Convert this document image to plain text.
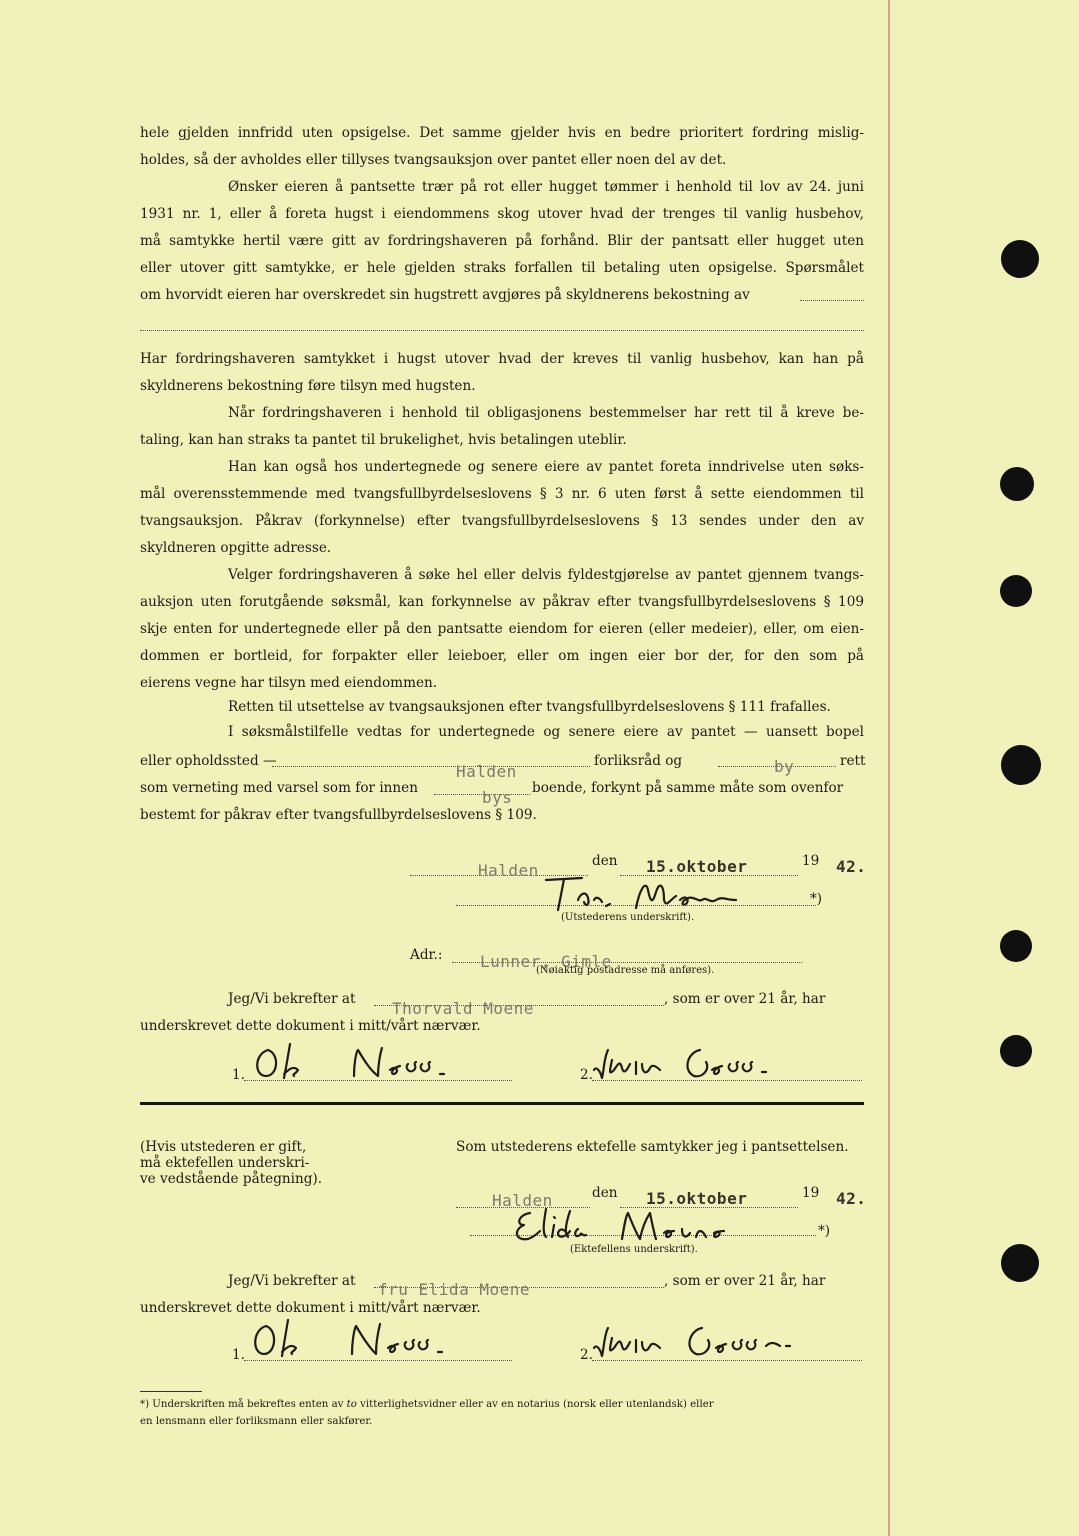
hele gjelden innfridd uten opsigelse. Det samme gjelder hvis en bedre prioritert fordring mislig-

holdes, så der avholdes eller tillyses tvangsauksjon over pantet eller noen del av det.

Ønsker eieren å pantsette trær på rot eller hugget tømmer i henhold til lov av 24. juni

1931 nr. 1, eller å foreta hugst i eiendommens skog utover hvad der trenges til vanlig husbehov,

må samtykke hertil være gitt av fordringshaveren på forhånd. Blir der pantsatt eller hugget uten

eller utover gitt samtykke, er hele gjelden straks forfallen til betaling uten opsigelse. Spørsmålet

om hvorvidt eieren har overskredet sin hugstrett avgjøres på skyldnerens bekostning av

Har fordringshaveren samtykket i hugst utover hvad der kreves til vanlig husbehov, kan han på

skyldnerens bekostning føre tilsyn med hugsten.

Når fordringshaveren i henhold til obligasjonens bestemmelser har rett til å kreve be-

taling, kan han straks ta pantet til brukelighet, hvis betalingen uteblir.

Han kan også hos undertegnede og senere eiere av pantet foreta inndrivelse uten søks-

mål overensstemmende med tvangsfullbyrdelseslovens § 3 nr. 6 uten først å sette eiendommen til

tvangsauksjon. Påkrav (forkynnelse) efter tvangsfullbyrdelseslovens § 13 sendes under den av

skyldneren opgitte adresse.

Velger fordringshaveren å søke hel eller delvis fyldestgjørelse av pantet gjennem tvangs-

auksjon uten forutgående søksmål, kan forkynnelse av påkrav efter tvangsfullbyrdelseslovens § 109

skje enten for undertegnede eller på den pantsatte eiendom for eieren (eller medeier), eller, om eien-

dommen er bortleid, for forpakter eller leieboer, eller om ingen eier bor der, for den som på

eierens vegne har tilsyn med eiendommen.

Retten til utsettelse av tvangsauksjonen efter tvangsfullbyrdelseslovens § 111 frafalles.

I søksmålstilfelle vedtas for undertegnede og senere eiere av pantet — uansett bopel

eller opholdssted —	forliksråd og	rett

by

Halden

som verneting med varsel som for innen	bys boende, forkynt på samme måte som ovenfor

bestemt for påkrav efter tvangsfullbyrdelseslovens § 109.

Halden	den 15.oktober	19 42.

*)

(Utstederens underskrift).

Adr.: Lunner, Gimle

(Nøiaktig postadresse må anføres).

Jeg/Vi bekrefter at Thorvald Moene	, som er over 21 år, har

underskrevet dette dokument i mitt/vårt nærvær.

1.	2.

(Hvis utstederen er gift,

må ektefellen underskri-

ve vedstående påtegning).

Som utstederens ektefelle samtykker jeg i pantsettelsen.

Halden	den 15.oktober	19 42.

*)

(Ektefellens underskrift).

Jeg/Vi bekrefter at fru Elida Moene	, som er over 21 år, har

underskrevet dette dokument i mitt/vårt nærvær.

1.	2.

*) Underskriften må bekreftes enten av to vitterlighetsvidner eller av en notarius (norsk eller utenlandsk) eller

en lensmann eller forliksmann eller sakfører.
